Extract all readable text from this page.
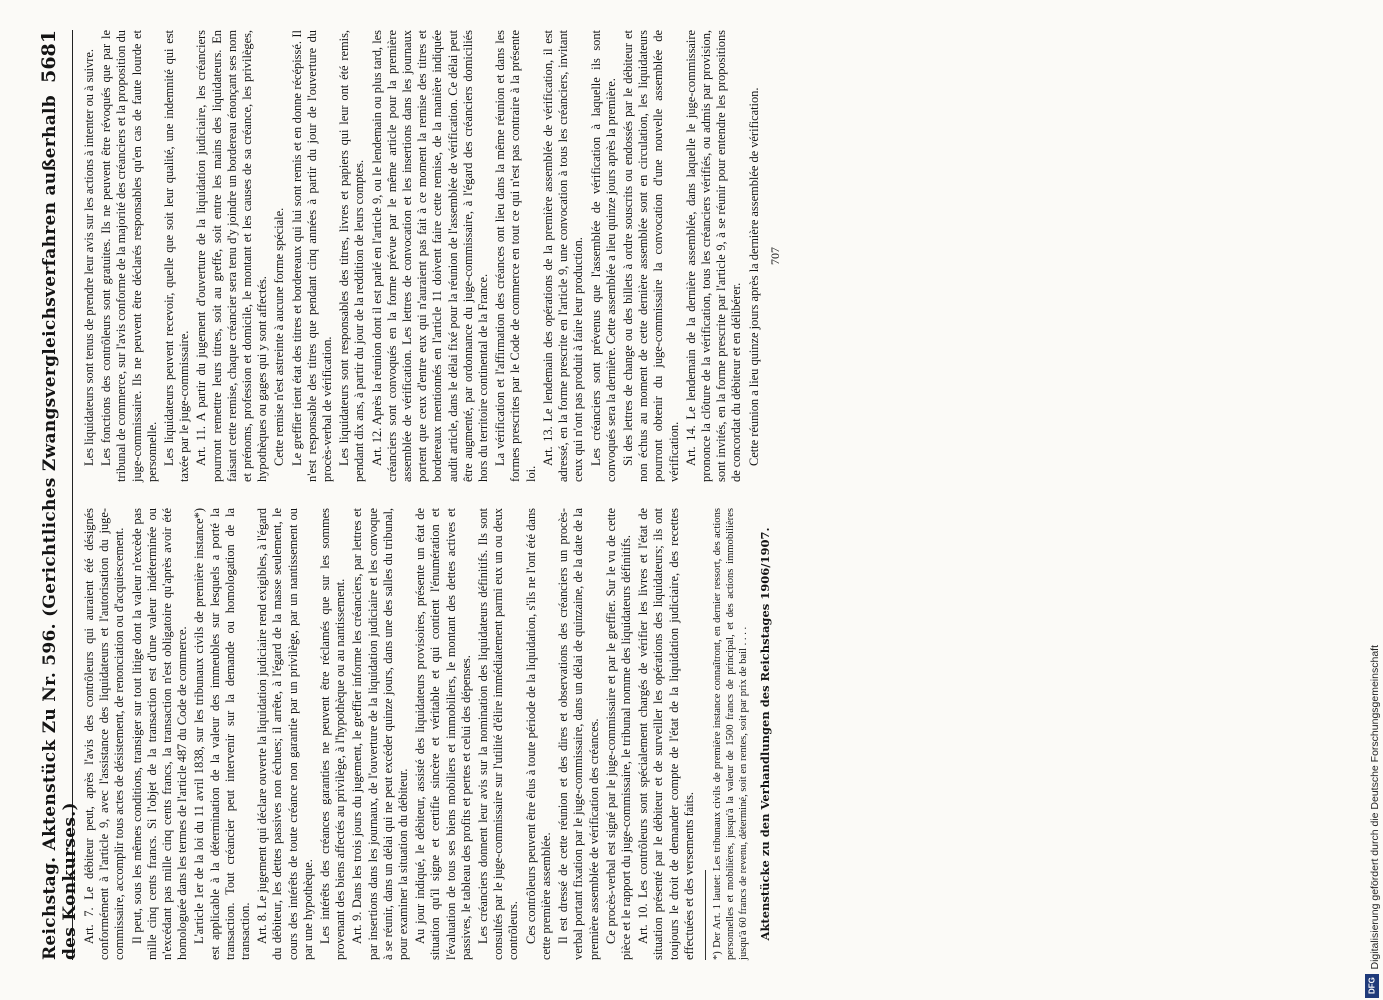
Reichstag. Aktenstück Zu Nr. 596. (Gerichtliches Zwangsvergleichsverfahren außerhalb des Konkurses.)
5681

Art. 7. Le débiteur peut, après l'avis des contrôleurs qui auraient été désignés conformément à l'article 9, avec l'assistance des liquidateurs et l'autorisation du juge-commissaire, accomplir tous actes de désistement, de renonciation ou d'acquiescement. Il peut, sous les mêmes conditions, transiger sur tout litige dont la valeur n'excède pas mille cinq cents francs. Si l'objet de la transaction est d'une valeur indéterminée ou n'excédant pas mille cinq cents francs, la transaction n'est obligatoire qu'après avoir été homologuée dans les termes de l'article 487 du Code de commerce. L'article 1er de la loi du 11 avril 1838, sur les tribunaux civils de première instance*) est applicable à la détermination de la valeur des immeubles sur lesquels a porté la transaction. Tout créancier peut intervenir sur la demande ou homologation de la transaction. Art. 8. Le jugement qui déclare ouverte la liquidation judiciaire rend exigibles, à l'égard du débiteur, les dettes passives non échues; il arrête, à l'égard de la masse seulement, le cours des intérêts de toute créance non garantie par un privilège, par un nantissement ou par une hypothèque. Les intérêts des créances garanties ne peuvent être réclamés que sur les sommes provenant des biens affectés au privilège, à l'hypothèque ou au nantissement. Art. 9. Dans les trois jours du jugement, le greffier informe les créanciers, par lettres et par insertions dans les journaux, de l'ouverture de la liquidation judiciaire et les convoque à se réunir, dans un délai qui ne peut excéder quinze jours, dans une des salles du tribunal, pour examiner la situation du débiteur. Au jour indiqué, le débiteur, assisté des liquidateurs provisoires, présente un état de situation qu'il signe et certifie sincère et véritable et qui contient l'énumération et l'évaluation de tous ses biens mobiliers et immobiliers, le montant des dettes actives et passives, le tableau des profits et pertes et celui des dépenses. Les créanciers donnent leur avis sur la nomination des liquidateurs définitifs. Ils sont consultés par le juge-commissaire sur l'utilité d'élire immédiatement parmi eux un ou deux contrôleurs. Ces contrôleurs peuvent être élus à toute période de la liquidation, s'ils ne l'ont été dans cette première assemblée. Il est dressé de cette réunion et des dires et observations des créanciers un procès-verbal portant fixation par le juge-commissaire, dans un délai de quinzaine, de la date de la première assemblée de vérification des créances. Ce procès-verbal est signé par le juge-commissaire et par le greffier. Sur le vu de cette pièce et le rapport du juge-commissaire, le tribunal nomme des liquidateurs définitifs. Art. 10. Les contrôleurs sont spécialement chargés de vérifier les livres et l'état de situation présenté par le débiteur et de surveiller les opérations des liquidateurs; ils ont toujours le droit de demander compte de l'état de la liquidation judiciaire, des recettes effectuées et des versements faits. *) Der Art. 1 lautet: Les tribunaux civils de première instance connaîtront, en dernier ressort, des actions personnelles et mobilières, jusqu'à la valeur de 1500 francs de principal, et des actions immobilières jusqu'à 60 francs de revenu, déterminé, soit en rentes, soit par prix de bail . . . . Aktenstücke zu den Verhandlungen des Reichstages 1906/1907.

Les liquidateurs sont tenus de prendre leur avis sur les actions à intenter ou à suivre. Les fonctions des contrôleurs sont gratuites. Ils ne peuvent être révoqués que par le tribunal de commerce, sur l'avis conforme de la majorité des créanciers et la proposition du juge-commissaire. Ils ne peuvent être déclarés responsables qu'en cas de faute lourde et personnelle. Les liquidateurs peuvent recevoir, quelle que soit leur qualité, une indemnité qui est taxée par le juge-commissaire. Art. 11. A partir du jugement d'ouverture de la liquidation judiciaire, les créanciers pourront remettre leurs titres, soit au greffe, soit entre les mains des liquidateurs. En faisant cette remise, chaque créancier sera tenu d'y joindre un bordereau énonçant ses nom et prénoms, profession et domicile, le montant et les causes de sa créance, les privilèges, hypothèques ou gages qui y sont affectés. Cette remise n'est astreinte à aucune forme spéciale. Le greffier tient état des titres et bordereaux qui lui sont remis et en donne récépissé. Il n'est responsable des titres que pendant cinq années à partir du jour de l'ouverture du procès-verbal de vérification. Les liquidateurs sont responsables des titres, livres et papiers qui leur ont été remis, pendant dix ans, à partir du jour de la reddition de leurs comptes. Art. 12. Après la réunion dont il est parlé en l'article 9, ou le lendemain ou plus tard, les créanciers sont convoqués en la forme prévue par le même article pour la première assemblée de vérification. Les lettres de convocation et les insertions dans les journaux portent que ceux d'entre eux qui n'auraient pas fait à ce moment la remise des titres et bordereaux mentionnés en l'article 11 doivent faire cette remise, de la manière indiquée audit article, dans le délai fixé pour la réunion de l'assemblée de vérification. Ce délai peut être augmenté, par ordonnance du juge-commissaire, à l'égard des créanciers domiciliés hors du territoire continental de la France. La vérification et l'affirmation des créances ont lieu dans la même réunion et dans les formes prescrites par le Code de commerce en tout ce qui n'est pas contraire à la présente loi.

Art. 13. Le lendemain des opérations de la première assemblée de vérification, il est adressé, en la forme prescrite en l'article 9, une convocation à tous les créanciers, invitant ceux qui n'ont pas produit à faire leur production. Les créanciers sont prévenus que l'assemblée de vérification à laquelle ils sont convoqués sera la dernière. Cette assemblée a lieu quinze jours après la première. Si des lettres de change ou des billets à ordre souscrits ou endossés par le débiteur et non échus au moment de cette dernière assemblée sont en circulation, les liquidateurs pourront obtenir du juge-commissaire la convocation d'une nouvelle assemblée de vérification. Art. 14. Le lendemain de la dernière assemblée, dans laquelle le juge-commissaire prononce la clôture de la vérification, tous les créanciers vérifiés, ou admis par provision, sont invités, en la forme prescrite par l'article 9, à se réunir pour entendre les propositions de concordat du débiteur et en délibérer. Cette réunion a lieu quinze jours après la dernière assemblée de vérification. 707
Digitalisierung gefördert durch die Deutsche Forschungsgemeinschaft
DFG
